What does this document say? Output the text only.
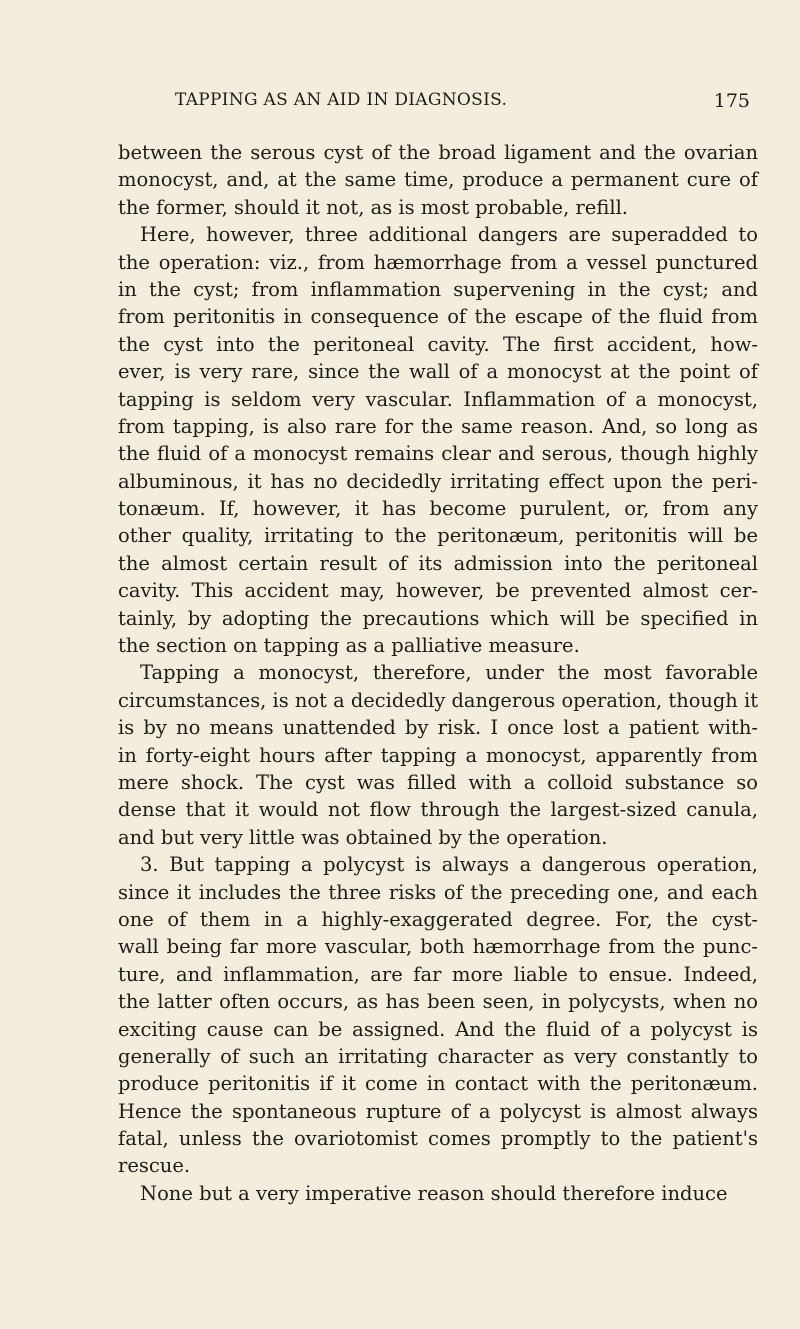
TAPPING AS AN AID IN DIAGNOSIS.	175
between the serous cyst of the broad ligament and the ovarian
monocyst, and, at the same time, produce a permanent cure of
the former, should it not, as is most probable, refill.
Here, however, three additional dangers are superadded to
the operation: viz., from hæmorrhage from a vessel punctured
in the cyst; from inflammation supervening in the cyst; and
from peritonitis in consequence of the escape of the fluid from
the cyst into the peritoneal cavity. The first accident, how-
ever, is very rare, since the wall of a monocyst at the point of
tapping is seldom very vascular. Inflammation of a monocyst,
from tapping, is also rare for the same reason. And, so long as
the fluid of a monocyst remains clear and serous, though highly
albuminous, it has no decidedly irritating effect upon the peri-
tonæum. If, however, it has become purulent, or, from any
other quality, irritating to the peritonæum, peritonitis will be
the almost certain result of its admission into the peritoneal
cavity. This accident may, however, be prevented almost cer-
tainly, by adopting the precautions which will be specified in
the section on tapping as a palliative measure.
Tapping a monocyst, therefore, under the most favorable
circumstances, is not a decidedly dangerous operation, though it
is by no means unattended by risk. I once lost a patient with-
in forty-eight hours after tapping a monocyst, apparently from
mere shock. The cyst was filled with a colloid substance so
dense that it would not flow through the largest-sized canula,
and but very little was obtained by the operation.
3. But tapping a polycyst is always a dangerous operation,
since it includes the three risks of the preceding one, and each
one of them in a highly-exaggerated degree. For, the cyst-
wall being far more vascular, both hæmorrhage from the punc-
ture, and inflammation, are far more liable to ensue. Indeed,
the latter often occurs, as has been seen, in polycysts, when no
exciting cause can be assigned. And the fluid of a polycyst is
generally of such an irritating character as very constantly to
produce peritonitis if it come in contact with the peritonæum.
Hence the spontaneous rupture of a polycyst is almost always
fatal, unless the ovariotomist comes promptly to the patient's
rescue.
None but a very imperative reason should therefore induce
